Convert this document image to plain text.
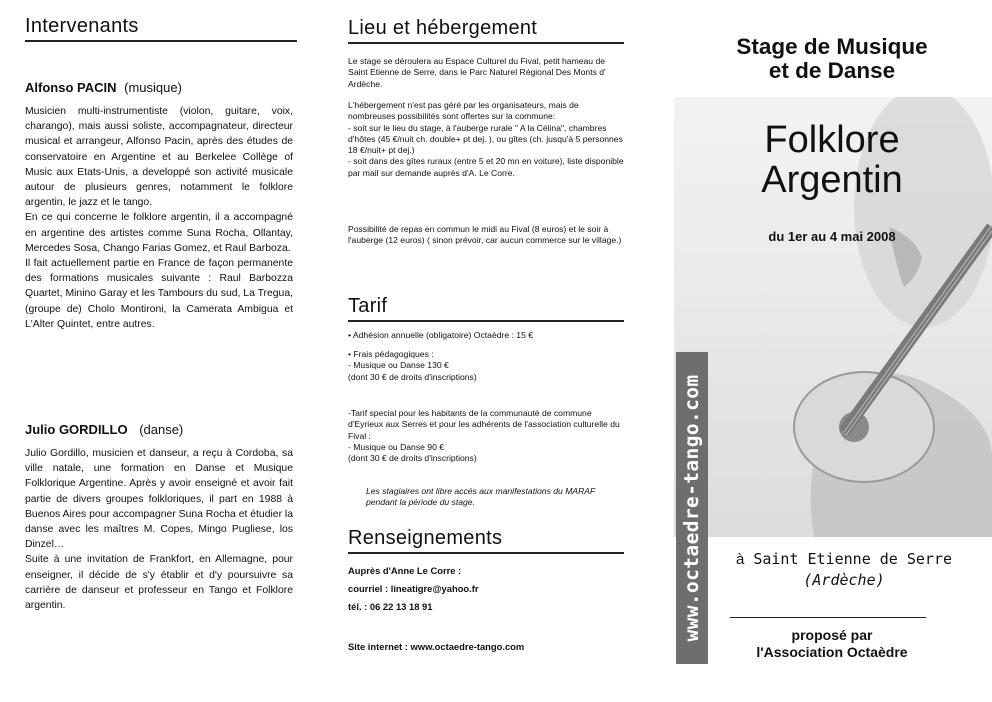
Intervenants
Alfonso PACIN (musique)

Musicien multi-instrumentiste (violon, guitare, voix, charango), mais aussi soliste, accompagnateur, directeur musical et arrangeur, Alfonso Pacin, après des études de conservatoire en Argentine et au Berkelee Collège of Music aux Etats-Unis, a developpé son activité musicale autour de plusieurs genres, notamment le folklore argentin, le jazz et le tango.
En ce qui concerne le folklore argentin, il a accompagné en argentine des artistes comme Suna Rocha, Ollantay, Mercedes Sosa, Chango Farias Gomez, et Raul Barboza.
Il fait actuellement partie en France de façon permanente des formations musicales suivante : Raul Barbozza Quartet, Minino Garay et les Tambours du sud, La Tregua, (groupe de) Cholo Montironi, la Camerata Ambigua et L'Alter Quintet, entre autres.

Julio GORDILLO (danse)

Julio Gordillo, musicien et danseur, a reçu à Cordoba, sa ville natale, une formation en Danse et Musique Folklorique Argentine. Après y avoir enseigné et avoir fait partie de divers groupes folkloriques, il part en 1988 à Buenos Aires pour accompagner Suna Rocha et étudier la danse avec les maîtres M. Copes, Mingo Pugliese, los Dinzel…
Suite à une invitation de Frankfort, en Allemagne, pour enseigner, il décide de s'y établir et d'y poursuivre sa carrière de danseur et professeur en Tango et Folklore argentin.

Lieu et hébergement

Le stage se déroulera au Espace Culturel du Fival, petit hameau de Saint Etienne de Serre, dans le Parc Naturel Régional Des Monts d' Ardèche.

L'hébergement n'est pas géré par les organisateurs, mais de nombreuses possibilités sont offertes sur la commune:
- soit sur le lieu du stage, à l'auberge rurale " A la Célina", chambres d'hôtes (45 €/nuit ch. double+ pt dej. ), ou gîtes (ch. jusqu'à 5 personnes 18 €/nuit+ pt dej.)
- soit dans des gîtes ruraux (entre 5 et 20 mn en voiture), liste disponible par mail sur demande auprès d'A. Le Corre.

Possibilité de repas en commun le midi au Fival (8 euros) et le soir à l'auberge (12 euros) ( sinon prévoir, car aucun commerce sur le village.)

Tarif

• Adhésion annuelle (obligatoire) Octaèdre : 15 €

• Frais pédagogiques :
- Musique ou Danse 130 €
(dont 30 € de droits d'inscriptions)

-Tarif special pour les habitants de la communauté de commune d'Eyrieux aux Serres et pour les adhérents de l'association culturelle du Fival :
- Musique ou Danse 90 €
(dont 30 € de droits d'inscriptions)

Les stagiaires ont libre accés aux manifestations du MARAF pendant la période du stage.

Renseignements

Auprès d'Anne Le Corre :

courriel : lineatigre@yahoo.fr

tél. : 06 22 13 18 91

Site internet : www.octaedre-tango.com

Stage de Musique
et de Danse
Folklore
Argentin
du 1er au 4 mai 2008
www.octaedre-tango.com	à Saint Etienne de Serre
(Ardèche)
proposé par
l'Association Octaèdre
